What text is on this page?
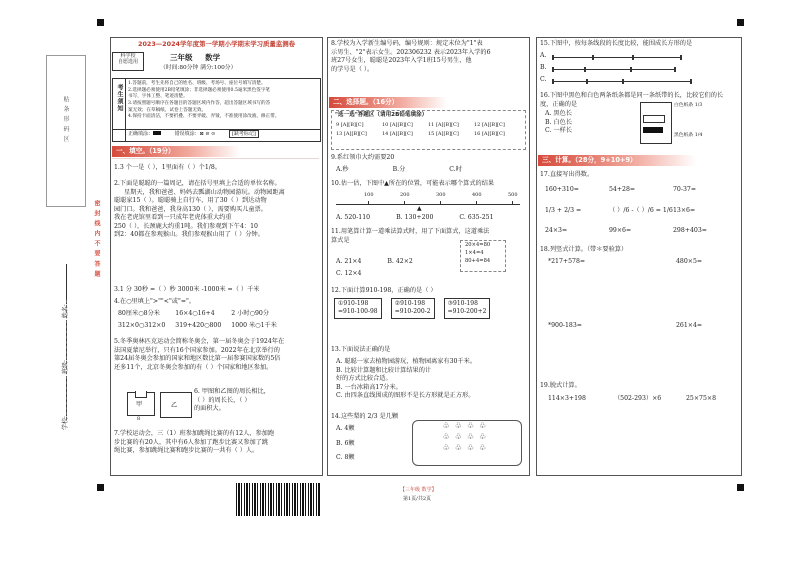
贴 条 形 码 区
密 封 线 内 不 要 答 题
学校: 班级: 姓名:
2023—2024学年度第一学期小学期末学习质量监测卷
科学校
自愿选用	三年级 数学
（时间:80分钟 满分:100分）
考生须知
1.答题前，考生先将自己的姓名、班级、考场号、座位号填写清楚。
2.选择题必须使用2B铅笔填涂；非选择题必须使用0.5毫米黑色签字笔
书写，字体工整、笔迹清楚。
3.请按照题号顺序在各题目的答题区域内作答，超出答题区域书写的答
案无效；在草稿纸、试卷上答题无效。
4.保持卡面清洁，不要折叠、不要弄破、弄皱，不准使用涂改液、修正带。
正确填涂：	错误填涂：⊠ ⊘ ⊙	[缺考标记]
一、填空。（19分）
1.3 个一是（ ），1里面有（ ）个1/8。
2.下面是聪聪的一篇周记，请在括号里填上合适的单位名称。
星期天，我和爸爸、妈妈去瓢湖山动物园游玩。动物园距离
聪聪家15（ ）。聪聪骑上自行车，用了30（ ）到达动物
园门口。我和爸爸，我身高130（ ），需要购买儿童票。
我在老虎馆里看到一只成年老虎体重大约重
250（ ），长颈鹿大约重1吨。我们参观到下午4：10
到2：40都在参观猴山。我们参观猴山用了（ ）分钟。
3.1 分 30秒 =（ ）秒 3000米 -1000米 =（ ）千米
4.在○里填上">""<"或"="。
80厘米○8分米	16×4○16+4	2 小时○90分
312×0○312×0 319+420○800 1000 米○1千米
5.冬季奥林匹克运动会简称冬奥会，第一届冬奥会于1924年在
法国夏蒙尼举行，只有16个国家参加。2022年在北京举行的
第24届冬奥会参加的国家和地区数比第一届参赛国家数的5倍
还多11个，北京冬奥会参加的有（ ）个国家和地区参加。
甲	乙
8
6. 甲图和乙图的周长相比，
（ ）的周长长，（ ）
的面积大。
7.学校运动会，三（1）班参加跳绳比赛的有12人，参加跑
步比赛的有20人，其中有6人参加了跑步比赛又参加了跳
绳比赛，参加跳绳比赛和跑步比赛的一共有（ ）人。
8.学校为入学新生编号码，编号规则：规定末位为"1"表
示男生、"2"表示女生。202306232 表示2023年入学的6
班27号女生，聪聪是2023年入学1班15号男生，他
的学号是（ ）。
二、选择题。（16分）
"选一选"答题区（请用2B铅笔填涂）
9 [A][B][C]	10 [A][B][C]	11 [A][B][C]	12 [A][B][C]
13 [A][B][C]	14 [A][B][C]	15 [A][B][C]	16 [A][B][C]
9.系红领巾大约需要20
A.秒	B.分	C.时
10.估一估，下图中▲所在的位置，可能表示哪个算式的结果
100	200	300	400	500
▲
A. 520-110	B. 130+200	C. 635-251
11.用笔算计算一道乘法算式时，用了下面算式，这道乘法
算式是
20×4=80
1×4=4
80+4=84
A. 21×4	B. 42×2
C. 12×4
12.下面计算910-198，正确的是（ ）
①910-198
=910-100-98 ②910-198
=910-200-2 ③910-198
=910-200+2
13.下面说法正确的是
A. 聪聪一家去植物园游玩，植物园离家有30千米。
B. 比较计算题和比较计算结果的计
好的方式比较合适。
B. 一台冰箱高17分米。
C. 由四条直线围成的图形不是长方形就是正方形。
14.这些梨的 2/3 是几颗
A. 4颗
B. 6颗
C. 8颗
♧♧♧♧
♧♧♧♧
♧♧♧♧
15.下图中，按每条线段的长度比较，能围成长方形的是
A.
B.
C.
16.下图中黑色和白色两条纸条都是同一条纸带的长，比较它们的长
度，正确的是
A. 黑色长
B. 白色长
C. 一样长
白色纸条 1/3
黑色纸条 1/4
三、计算。（28分，9+10+9）
17.直接写出得数。
160+310=	54+28=	70-37=
1/3 + 2/3 =	（ ）/6 -（ ）/6 = 1/6 13×6=
24×3=	99×6=	298+403=
18.列竖式计算。（带＊要验算）
*217+578=	480×5=
*900-183=	261×4=
19.脱式计算。
114×3+198	（502-293）×6	25×75×8
【三年级 数学】
第1页/共2页
